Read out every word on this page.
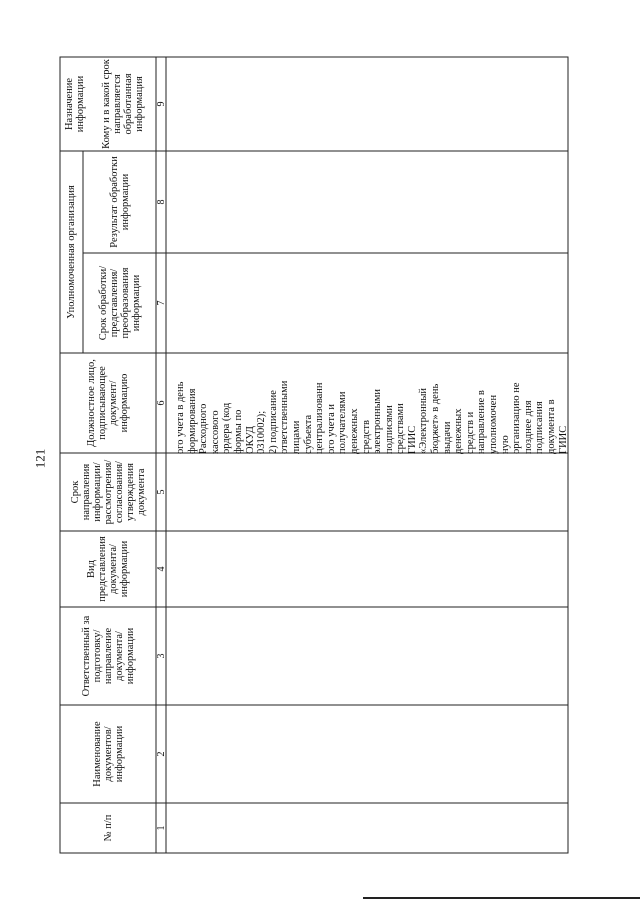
121
№ п/п
Наименование документов/ информации
Ответственный за подготовку/ направление документа/ информации
Вид представления документа/ информации
Срок направления информации/ рассмотрения/ согласования/ утверждения документа
Должностное лицо, подписывающее документ/ информацию
Уполномоченная организация	Срок обработки/ представления/ преобразования информации
Результат обработки информации
Назначение информации	Кому и в какой срок направляется обработанная информация
1
2
3
4
5
6
7
8
9
ого учета в день
формирования
Расходного
кассового
ордера (код
формы по ОКУД
0310002);
2) подписание
ответственными
лицами субъекта
централизованн
ого учета и
получателями
денежных
средств
электронными
подписями
средствами
ГИИС
«Электронный
бюджет» в день
выдачи
денежных
средств и
направление в
уполномочен
ную
организацию не
позднее дня
подписания
документа в
ГИИС
